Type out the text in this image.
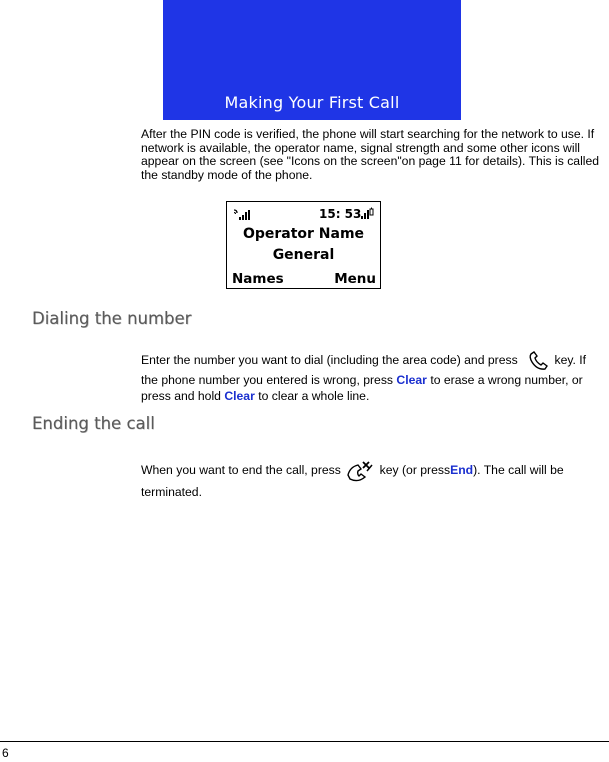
Making Your First Call

After the PIN code is verified, the phone will start searching for the network to use. If network is available, the operator name, signal strength and some other icons will appear on the screen (see "Icons on the screen"on page 11 for details). This is called the standby mode of the phone.

15: 53
Operator Name
General
Names	Menu
Dialing the number

Enter the number you want to dial (including the area code) and press	key. If the phone number you entered is wrong, press Clear to erase a wrong number, or press and hold Clear to clear a whole line.

Ending the call

When you want to end the call, press	key (or pressEnd). The call will be terminated.

6
